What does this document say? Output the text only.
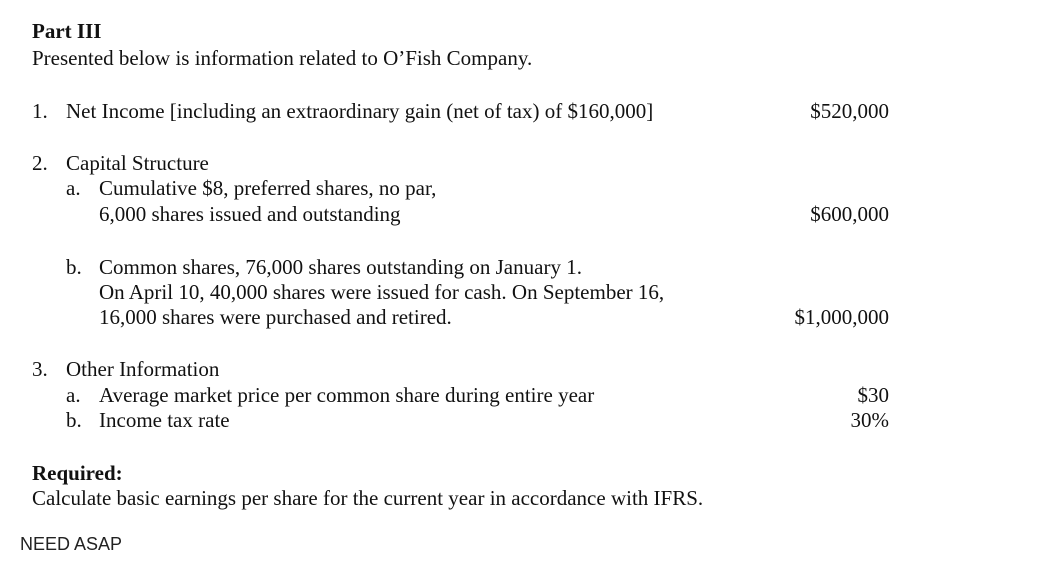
Part III
Presented below is information related to O’Fish Company.
1. Net Income [including an extraordinary gain (net of tax) of $160,000]	$520,000
2. Capital Structure
a. Cumulative $8, preferred shares, no par,
6,000 shares issued and outstanding	$600,000
b. Common shares, 76,000 shares outstanding on January 1.
On April 10, 40,000 shares were issued for cash. On September 16,
16,000 shares were purchased and retired.	$1,000,000
3. Other Information
a. Average market price per common share during entire year	$30
b. Income tax rate	30%
Required:
Calculate basic earnings per share for the current year in accordance with IFRS.
NEED ASAP
